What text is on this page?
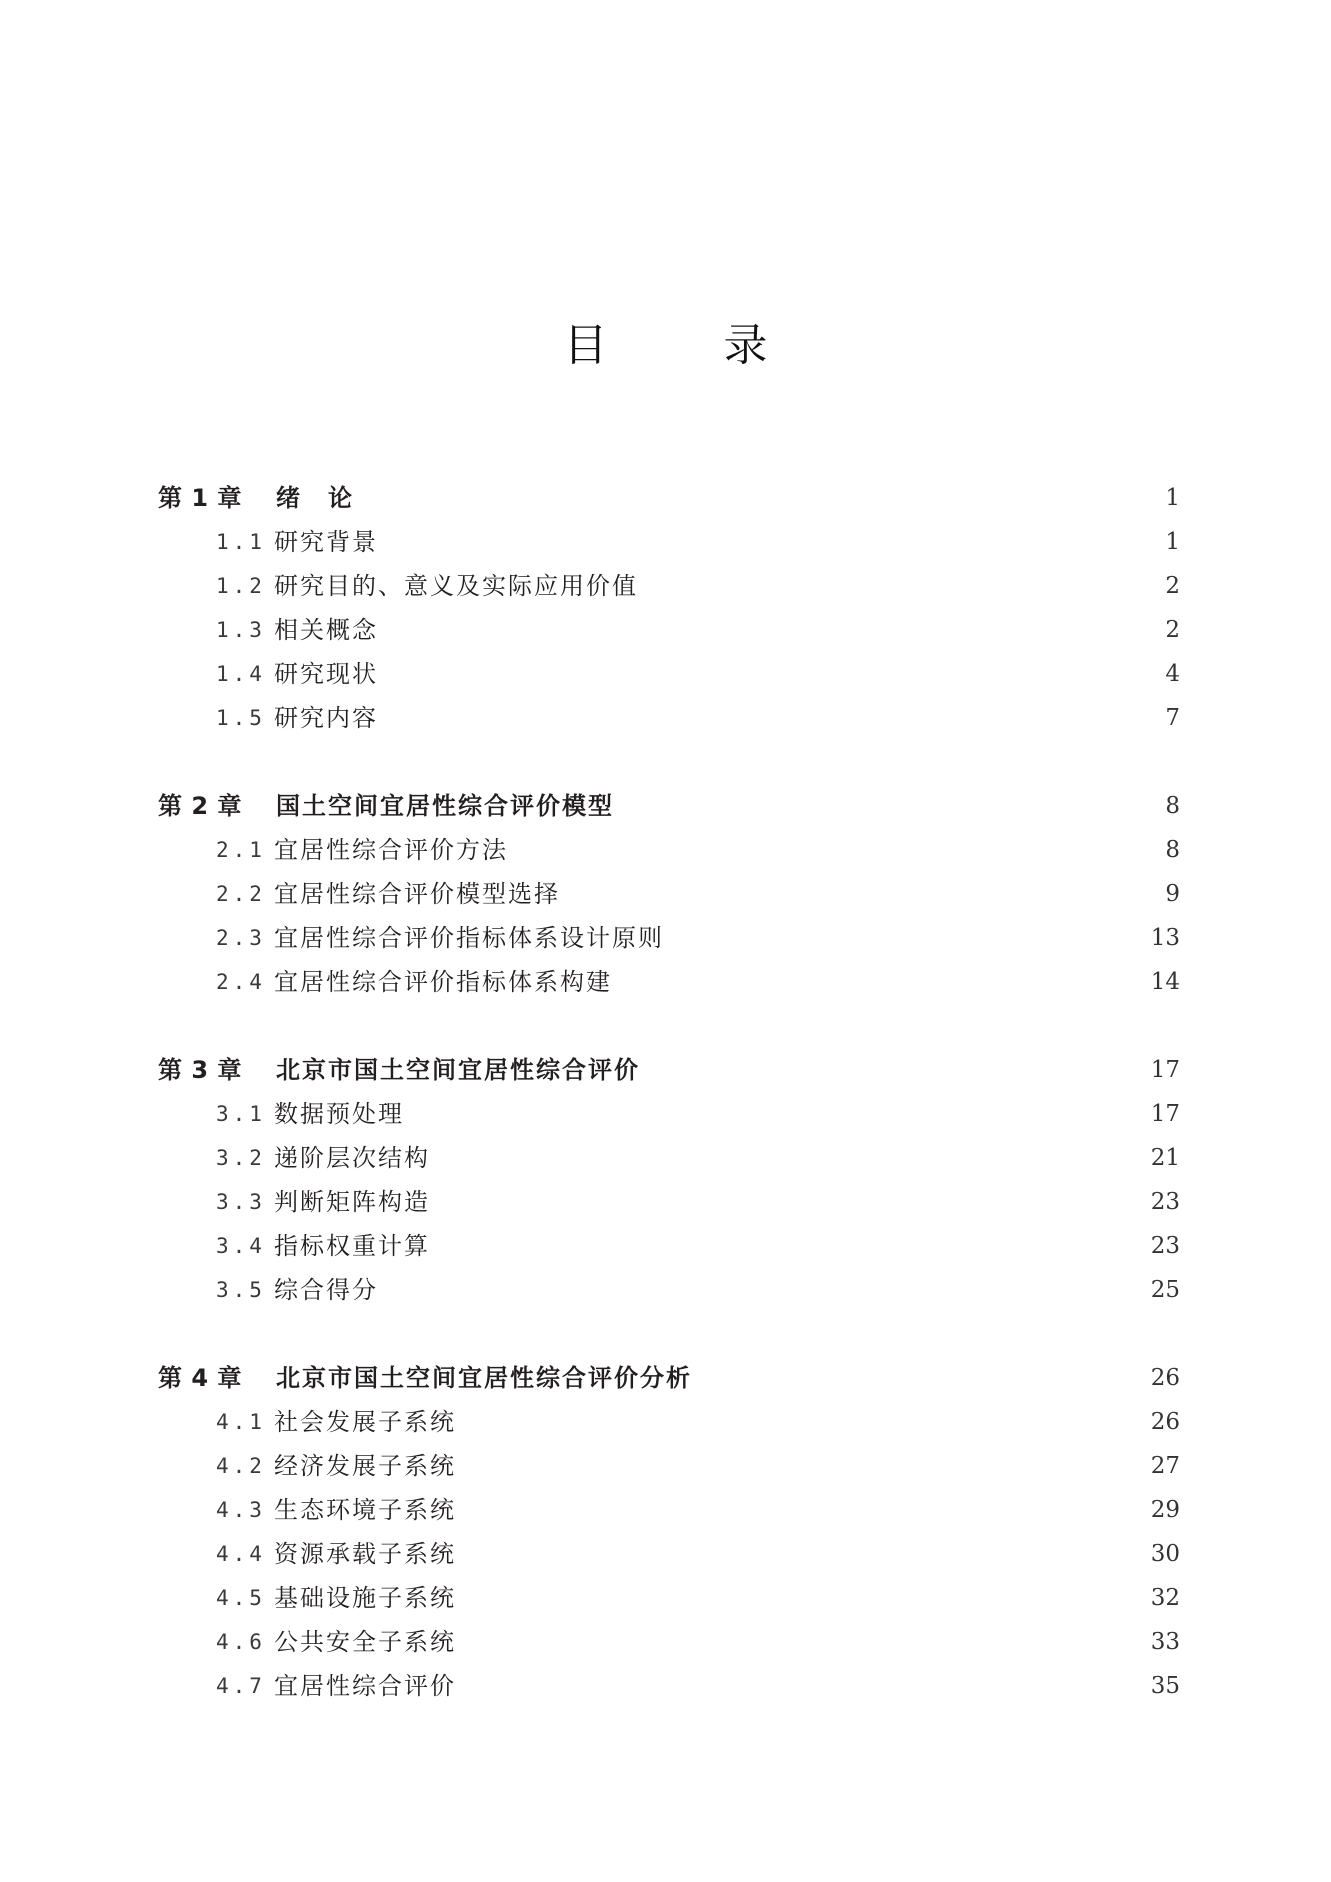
目　录
第 1 章	绪　论	1
1.1 研究背景	1
1.2 研究目的、意义及实际应用价值	2
1.3 相关概念	2
1.4 研究现状	4
1.5 研究内容	7
第 2 章	国土空间宜居性综合评价模型	8
2.1 宜居性综合评价方法	8
2.2 宜居性综合评价模型选择	9
2.3 宜居性综合评价指标体系设计原则	13
2.4 宜居性综合评价指标体系构建	14
第 3 章	北京市国土空间宜居性综合评价	17
3.1 数据预处理	17
3.2 递阶层次结构	21
3.3 判断矩阵构造	23
3.4 指标权重计算	23
3.5 综合得分	25
第 4 章	北京市国土空间宜居性综合评价分析	26
4.1 社会发展子系统	26
4.2 经济发展子系统	27
4.3 生态环境子系统	29
4.4 资源承载子系统	30
4.5 基础设施子系统	32
4.6 公共安全子系统	33
4.7 宜居性综合评价	35
